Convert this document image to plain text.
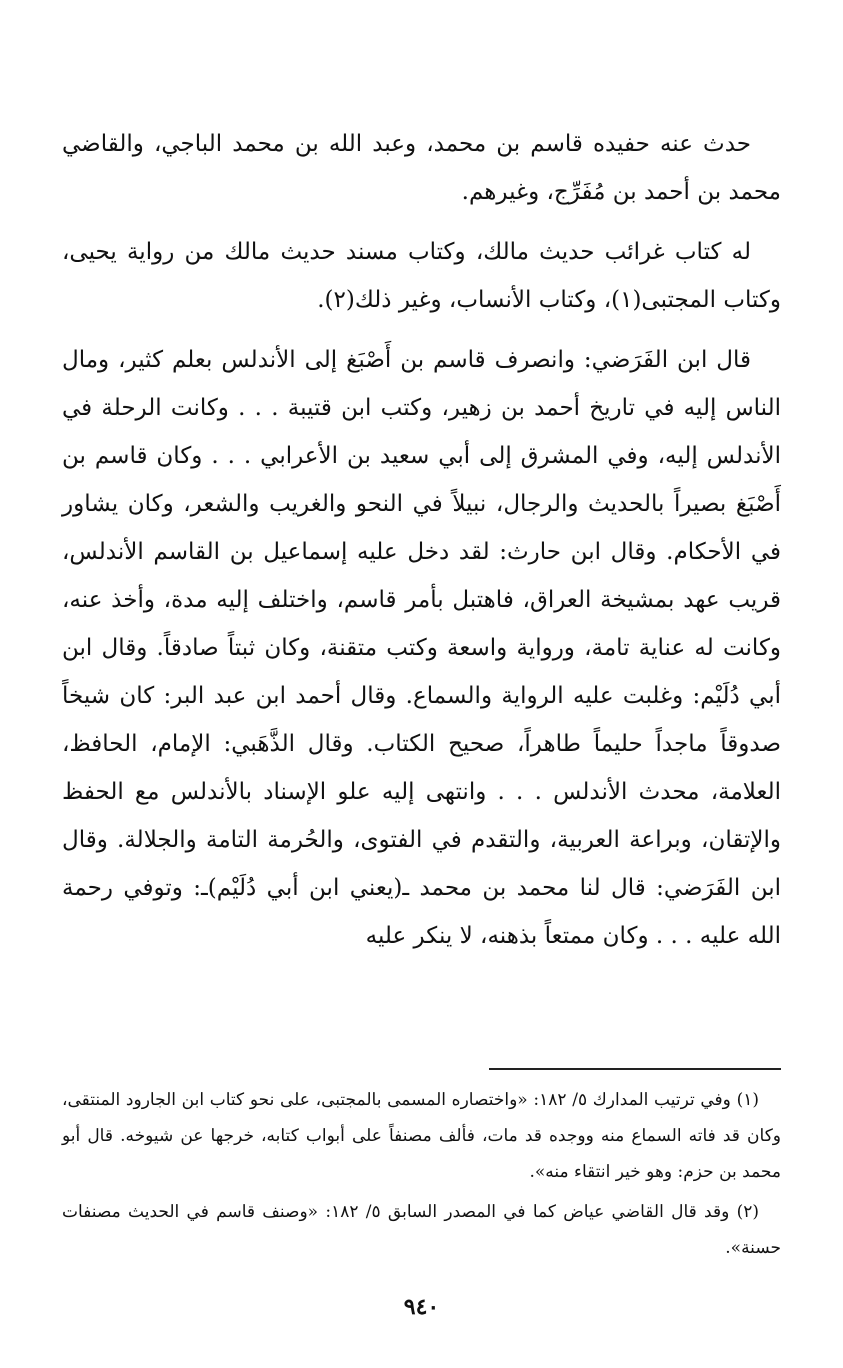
حدث عنه حفيده قاسم بن محمد، وعبد الله بن محمد الباجي، والقاضي محمد بن أحمد بن مُفَرِّج، وغيرهم.

له كتاب غرائب حديث مالك، وكتاب مسند حديث مالك من رواية يحيى، وكتاب المجتبى(١)، وكتاب الأنساب، وغير ذلك(٢).

قال ابن الفَرَضي: وانصرف قاسم بن أَصْبَغ إلى الأندلس بعلم كثير، ومال الناس إليه في تاريخ أحمد بن زهير، وكتب ابن قتيبة . . . وكانت الرحلة في الأندلس إليه، وفي المشرق إلى أبي سعيد بن الأعرابي . . . وكان قاسم بن أَصْبَغ بصيراً بالحديث والرجال، نبيلاً في النحو والغريب والشعر، وكان يشاور في الأحكام. وقال ابن حارث: لقد دخل عليه إسماعيل بن القاسم الأندلس، قريب عهد بمشيخة العراق، فاهتبل بأمر قاسم، واختلف إليه مدة، وأخذ عنه، وكانت له عناية تامة، ورواية واسعة وكتب متقنة، وكان ثبتاً صادقاً. وقال ابن أبي دُلَيْم: وغلبت عليه الرواية والسماع. وقال أحمد ابن عبد البر: كان شيخاً صدوقاً ماجداً حليماً طاهراً، صحيح الكتاب. وقال الذَّهَبي: الإمام، الحافظ، العلامة، محدث الأندلس . . . وانتهى إليه علو الإسناد بالأندلس مع الحفظ والإتقان، وبراعة العربية، والتقدم في الفتوى، والحُرمة التامة والجلالة. وقال ابن الفَرَضي: قال لنا محمد بن محمد ـ(يعني ابن أبي دُلَيْم)ـ: وتوفي رحمة الله عليه . . . وكان ممتعاً بذهنه، لا ينكر عليه

(١) وفي ترتيب المدارك ٥/ ١٨٢: «واختصاره المسمى بالمجتبى، على نحو كتاب ابن الجارود المنتقى، وكان قد فاته السماع منه ووجده قد مات، فألف مصنفاً على أبواب كتابه، خرجها عن شيوخه. قال أبو محمد بن حزم: وهو خير انتقاء منه».

(٢) وقد قال القاضي عياض كما في المصدر السابق ٥/ ١٨٢: «وصنف قاسم في الحديث مصنفات حسنة».

٩٤٠
